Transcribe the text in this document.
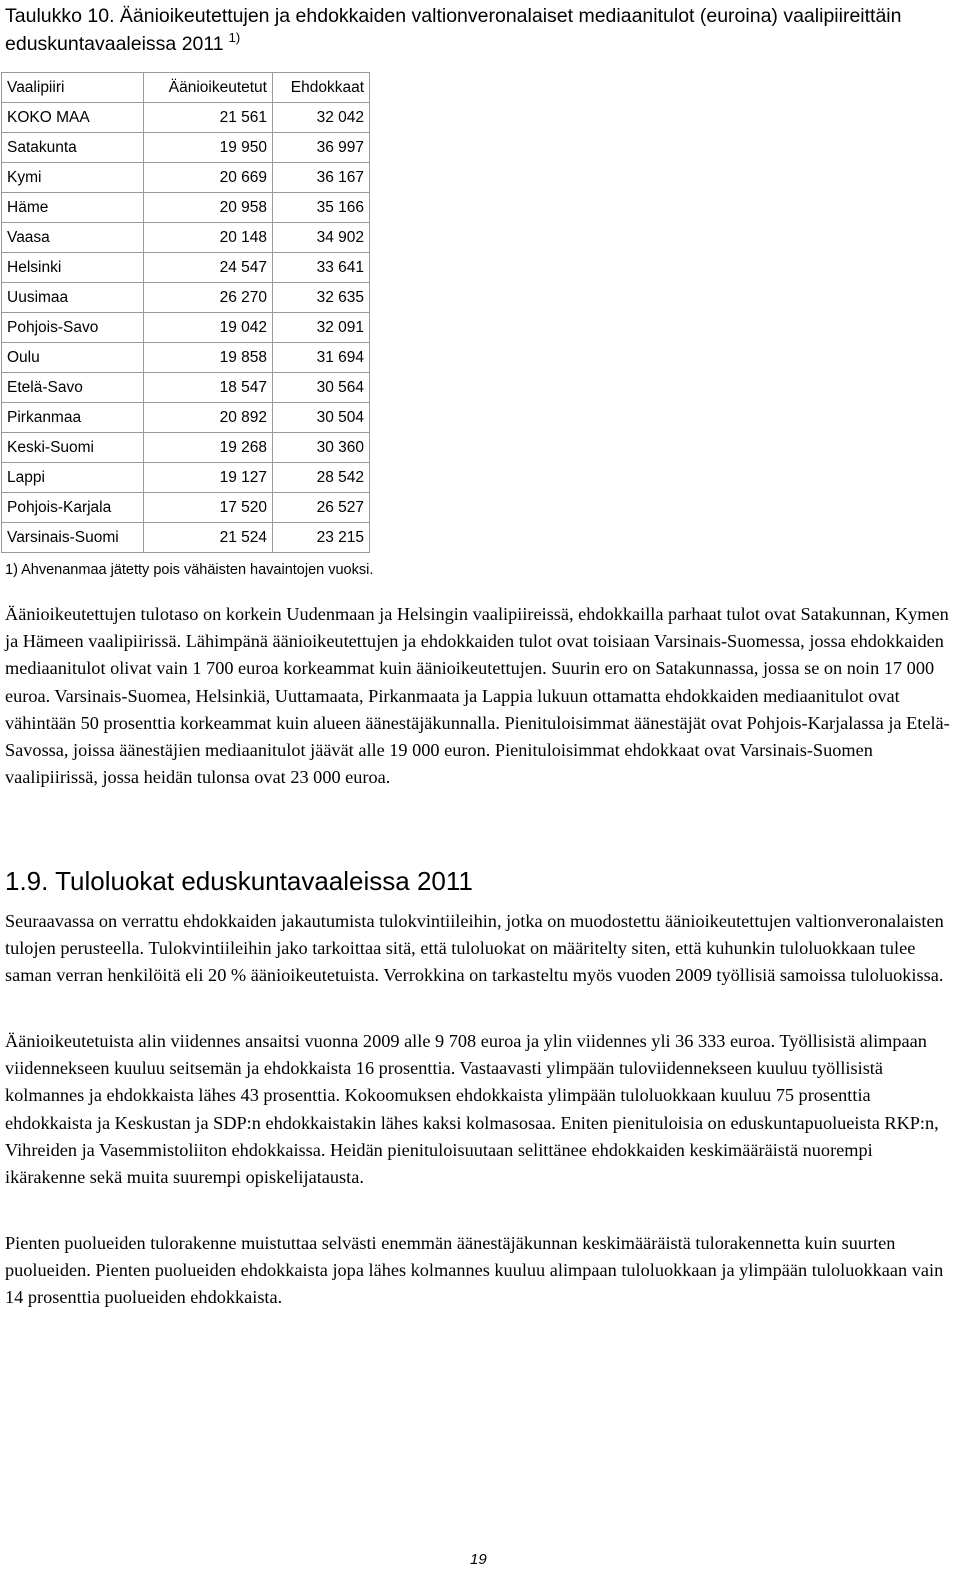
Taulukko 10. Äänioikeutettujen ja ehdokkaiden valtionveronalaiset mediaanitulot (euroina) vaalipiireittäin eduskuntavaaleissa 2011 $^{1)}$
Vaalipiiri	Äänioikeutetut	Ehdokkaat
KOKO MAA	21 561	32 042
Satakunta	19 950	36 997
Kymi	20 669	36 167
Häme	20 958	35 166
Vaasa	20 148	34 902
Helsinki	24 547	33 641
Uusimaa	26 270	32 635
Pohjois-Savo	19 042	32 091
Oulu	19 858	31 694
Etelä-Savo	18 547	30 564
Pirkanmaa	20 892	30 504
Keski-Suomi	19 268	30 360
Lappi	19 127	28 542
Pohjois-Karjala	17 520	26 527
Varsinais-Suomi	21 524	23 215

1) Ahvenanmaa jätetty pois vähäisten havaintojen vuoksi.

Äänioikeutettujen tulotaso on korkein Uudenmaan ja Helsingin vaalipiireissä, ehdokkailla parhaat tulot ovat Satakunnan, Kymen ja Hämeen vaalipiirissä. Lähimpänä äänioikeutettujen ja ehdokkaiden tulot ovat toisiaan Varsinais-Suomessa, jossa ehdokkaiden mediaanitulot olivat vain 1 700 euroa korkeammat kuin äänioikeutettujen. Suurin ero on Satakunnassa, jossa se on noin 17 000 euroa. Varsinais-Suomea, Helsinkiä, Uuttamaata, Pirkanmaata ja Lappia lukuun ottamatta ehdokkaiden mediaanitulot ovat vähintään 50 prosenttia korkeammat kuin alueen äänestäjäkunnalla. Pienituloisimmat äänestäjät ovat Pohjois-Karjalassa ja Etelä-Savossa, joissa äänestäjien mediaanitulot jäävät alle 19 000 euron. Pienituloisimmat ehdokkaat ovat Varsinais-Suomen vaalipiirissä, jossa heidän tulonsa ovat 23 000 euroa.

1.9. Tuloluokat eduskuntavaaleissa 2011

Seuraavassa on verrattu ehdokkaiden jakautumista tulokvintiileihin, jotka on muodostettu äänioikeutettujen valtionveronalaisten tulojen perusteella. Tulokvintiileihin jako tarkoittaa sitä, että tuloluokat on määritelty siten, että kuhunkin tuloluokkaan tulee saman verran henkilöitä eli 20 % äänioikeutetuista. Verrokkina on tarkasteltu myös vuoden 2009 työllisiä samoissa tuloluokissa.

Äänioikeutetuista alin viidennes ansaitsi vuonna 2009 alle 9 708 euroa ja ylin viidennes yli 36 333 euroa. Työllisistä alimpaan viidennekseen kuuluu seitsemän ja ehdokkaista 16 prosenttia. Vastaavasti ylimpään tuloviidennekseen kuuluu työllisistä kolmannes ja ehdokkaista lähes 43 prosenttia. Kokoomuksen ehdokkaista ylimpään tuloluokkaan kuuluu 75 prosenttia ehdokkaista ja Keskustan ja SDP:n ehdokkaistakin lähes kaksi kolmasosaa. Eniten pienituloisia on eduskuntapuolueista RKP:n, Vihreiden ja Vasemmistoliiton ehdokkaissa. Heidän pienituloisuutaan selittänee ehdokkaiden keskimääräistä nuorempi ikärakenne sekä muita suurempi opiskelijatausta.

Pienten puolueiden tulorakenne muistuttaa selvästi enemmän äänestäjäkunnan keskimääräistä tulorakennetta kuin suurten puolueiden. Pienten puolueiden ehdokkaista jopa lähes kolmannes kuuluu alimpaan tuloluokkaan ja ylimpään tuloluokkaan vain 14 prosenttia puolueiden ehdokkaista.

19
